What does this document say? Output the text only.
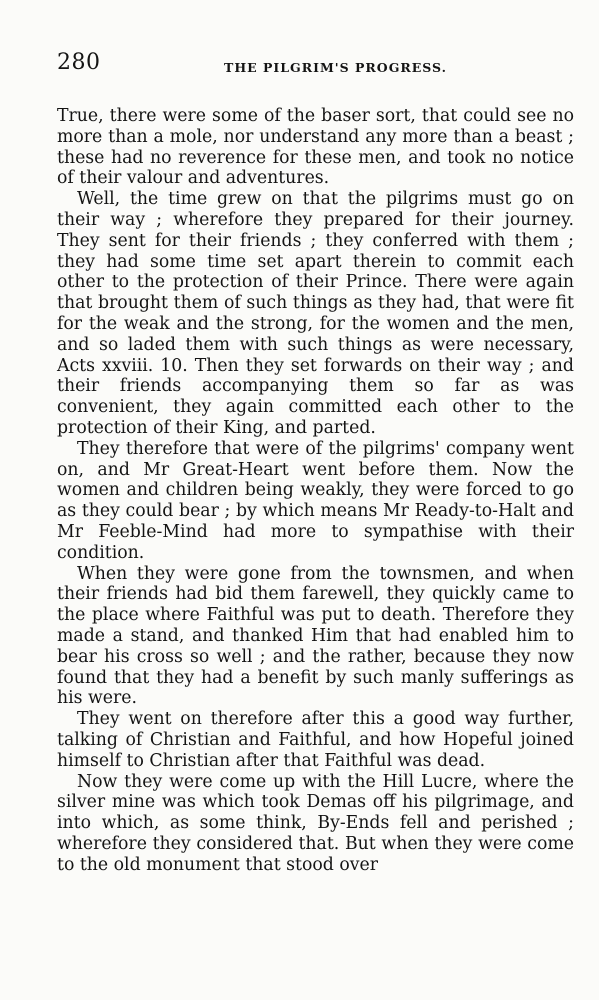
280	THE PILGRIM'S PROGRESS.

True, there were some of the baser sort, that could see no more than a mole, nor understand any more than a beast ; these had no reverence for these men, and took no notice of their valour and adventures.

Well, the time grew on that the pilgrims must go on their way ; wherefore they prepared for their journey. They sent for their friends ; they conferred with them ; they had some time set apart therein to commit each other to the protection of their Prince. There were again that brought them of such things as they had, that were fit for the weak and the strong, for the women and the men, and so laded them with such things as were necessary, Acts xxviii. 10. Then they set forwards on their way ; and their friends accompanying them so far as was convenient, they again committed each other to the protection of their King, and parted.

They therefore that were of the pilgrims' company went on, and Mr Great-Heart went before them. Now the women and children being weakly, they were forced to go as they could bear ; by which means Mr Ready-to-Halt and Mr Feeble-Mind had more to sympathise with their condition.

When they were gone from the townsmen, and when their friends had bid them farewell, they quickly came to the place where Faithful was put to death. Therefore they made a stand, and thanked Him that had enabled him to bear his cross so well ; and the rather, because they now found that they had a benefit by such manly sufferings as his were.

They went on therefore after this a good way further, talking of Christian and Faithful, and how Hopeful joined himself to Christian after that Faithful was dead.

Now they were come up with the Hill Lucre, where the silver mine was which took Demas off his pilgrimage, and into which, as some think, By-Ends fell and perished ; wherefore they considered that. But when they were come to the old monument that stood over
